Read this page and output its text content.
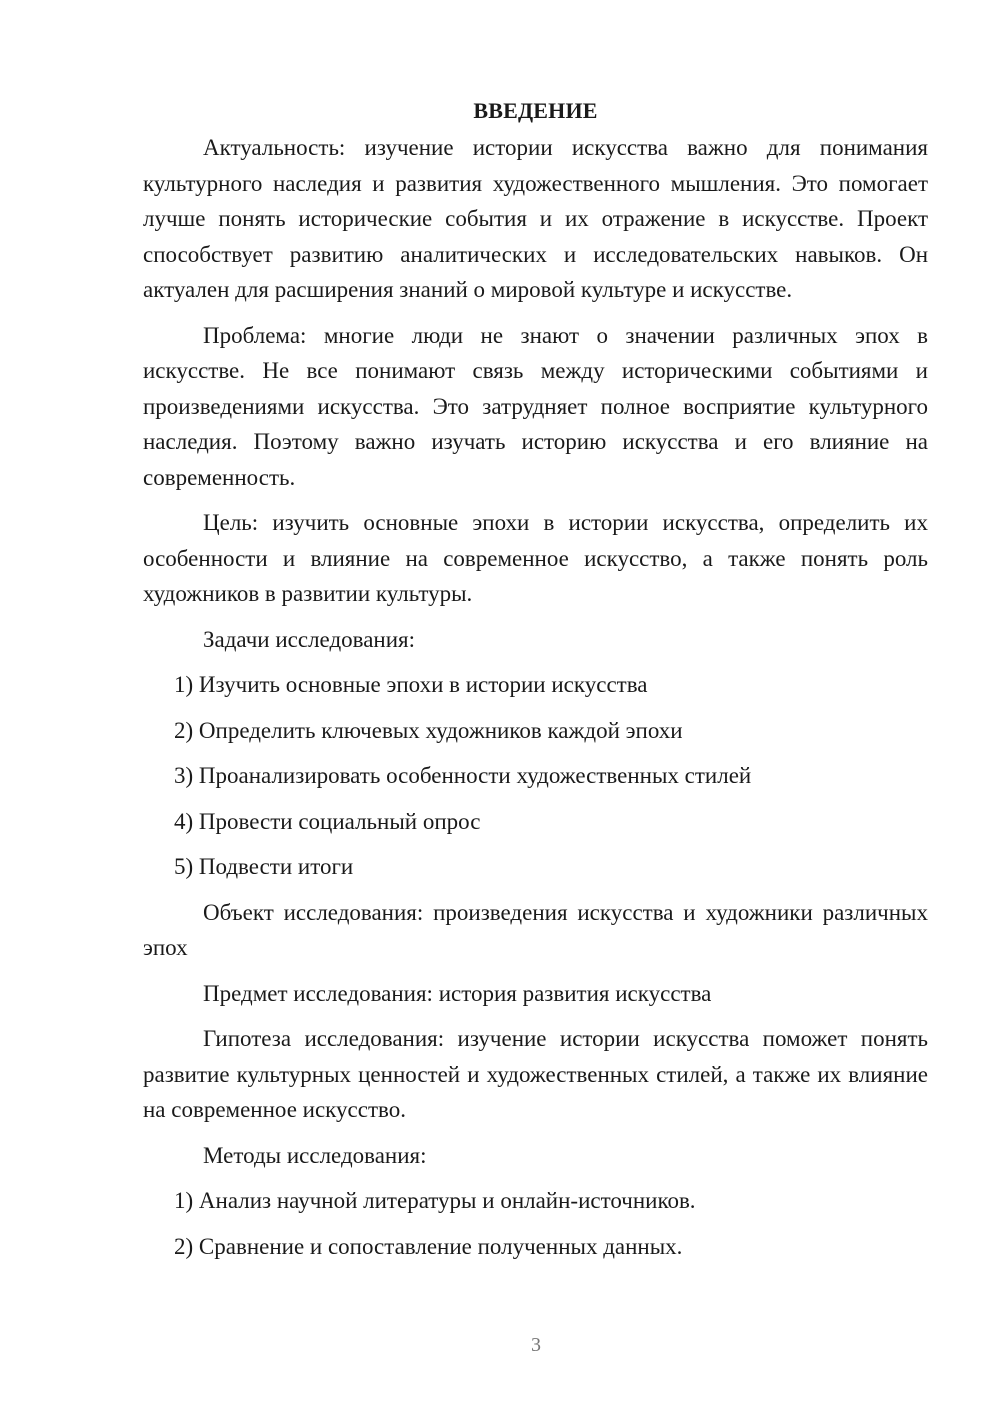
ВВЕДЕНИЕ

Актуальность: изучение истории искусства важно для понимания культурного наследия и развития художественного мышления. Это помогает лучше понять исторические события и их отражение в искусстве. Проект способствует развитию аналитических и исследовательских навыков. Он актуален для расширения знаний о мировой культуре и искусстве.

Проблема: многие люди не знают о значении различных эпох в искусстве. Не все понимают связь между историческими событиями и произведениями искусства. Это затрудняет полное восприятие культурного наследия. Поэтому важно изучать историю искусства и его влияние на современность.

Цель: изучить основные эпохи в истории искусства, определить их особенности и влияние на современное искусство, а также понять роль художников в развитии культуры.

Задачи исследования:

1) Изучить основные эпохи в истории искусства
2) Определить ключевых художников каждой эпохи
3) Проанализировать особенности художественных стилей
4) Провести социальный опрос
5) Подвести итоги

Объект исследования: произведения искусства и художники различных эпох

Предмет исследования: история развития искусства

Гипотеза исследования: изучение истории искусства поможет понять развитие культурных ценностей и художественных стилей, а также их влияние на современное искусство.

Методы исследования:

1) Анализ научной литературы и онлайн-источников.
2) Сравнение и сопоставление полученных данных.
3
